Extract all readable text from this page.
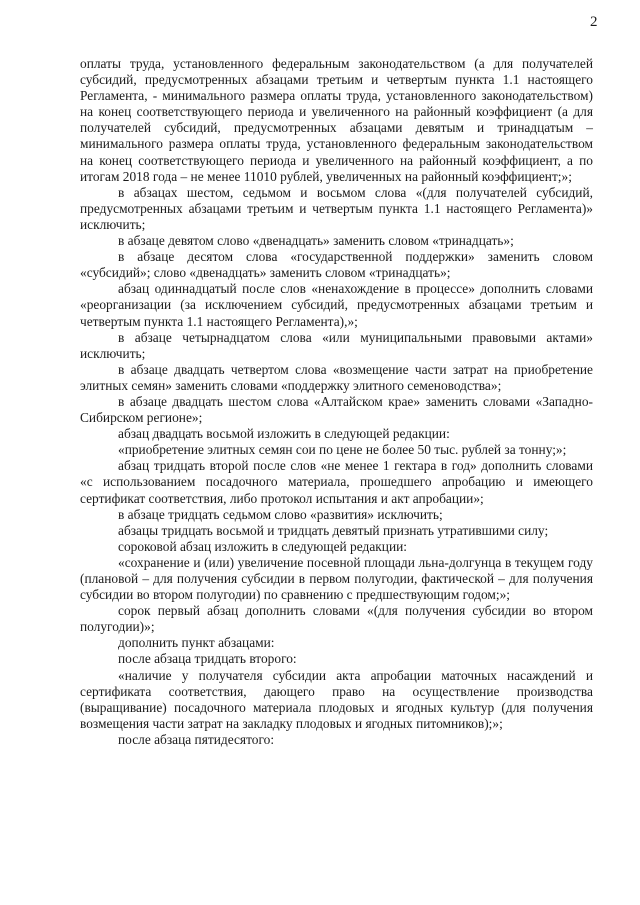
2

оплаты труда, установленного федеральным законодательством (а для получателей субсидий, предусмотренных абзацами третьим и четвертым пункта 1.1 настоящего Регламента, - минимального размера оплаты труда, установленного законодательством) на конец соответствующего периода и увеличенного на районный коэффициент (а для получателей субсидий, предусмотренных абзацами девятым и тринадцатым – минимального размера оплаты труда, установленного федеральным законодательством на конец соответствующего периода и увеличенного на районный коэффициент, а по итогам 2018 года – не менее 11010 рублей, увеличенных на районный коэффициент;»;

в абзацах шестом, седьмом и восьмом слова «(для получателей субсидий, предусмотренных абзацами третьим и четвертым пункта 1.1 настоящего Регламента)» исключить;

в абзаце девятом слово «двенадцать» заменить словом «тринадцать»;

в абзаце десятом слова «государственной поддержки» заменить словом «субсидий»; слово «двенадцать» заменить словом «тринадцать»;

абзац одиннадцатый после слов «ненахождение в процессе» дополнить словами «реорганизации (за исключением субсидий, предусмотренных абзацами третьим и четвертым пункта 1.1 настоящего Регламента),»;

в абзаце четырнадцатом слова «или муниципальными правовыми актами» исключить;

в абзаце двадцать четвертом слова «возмещение части затрат на приобретение элитных семян» заменить словами «поддержку элитного семеноводства»;

в абзаце двадцать шестом слова «Алтайском крае» заменить словами «Западно-Сибирском регионе»;

абзац двадцать восьмой изложить в следующей редакции:

«приобретение элитных семян сои по цене не более 50 тыс. рублей за тонну;»;

абзац тридцать второй после слов «не менее 1 гектара в год» дополнить словами «с использованием посадочного материала, прошедшего апробацию и имеющего сертификат соответствия, либо протокол испытания и акт апробации»;

в абзаце тридцать седьмом слово «развития» исключить;

абзацы тридцать восьмой и тридцать девятый признать утратившими силу;

сороковой абзац изложить в следующей редакции:

«сохранение и (или) увеличение посевной площади льна-долгунца в текущем году (плановой – для получения субсидии в первом полугодии, фактической – для получения субсидии во втором полугодии) по сравнению с предшествующим годом;»;

сорок первый абзац дополнить словами «(для получения субсидии во втором полугодии)»;

дополнить пункт абзацами:

после абзаца тридцать второго:

«наличие у получателя субсидии акта апробации маточных насаждений и сертификата соответствия, дающего право на осуществление производства (выращивание) посадочного материала плодовых и ягодных культур (для получения возмещения части затрат на закладку плодовых и ягодных питомников);»;

после абзаца пятидесятого:
